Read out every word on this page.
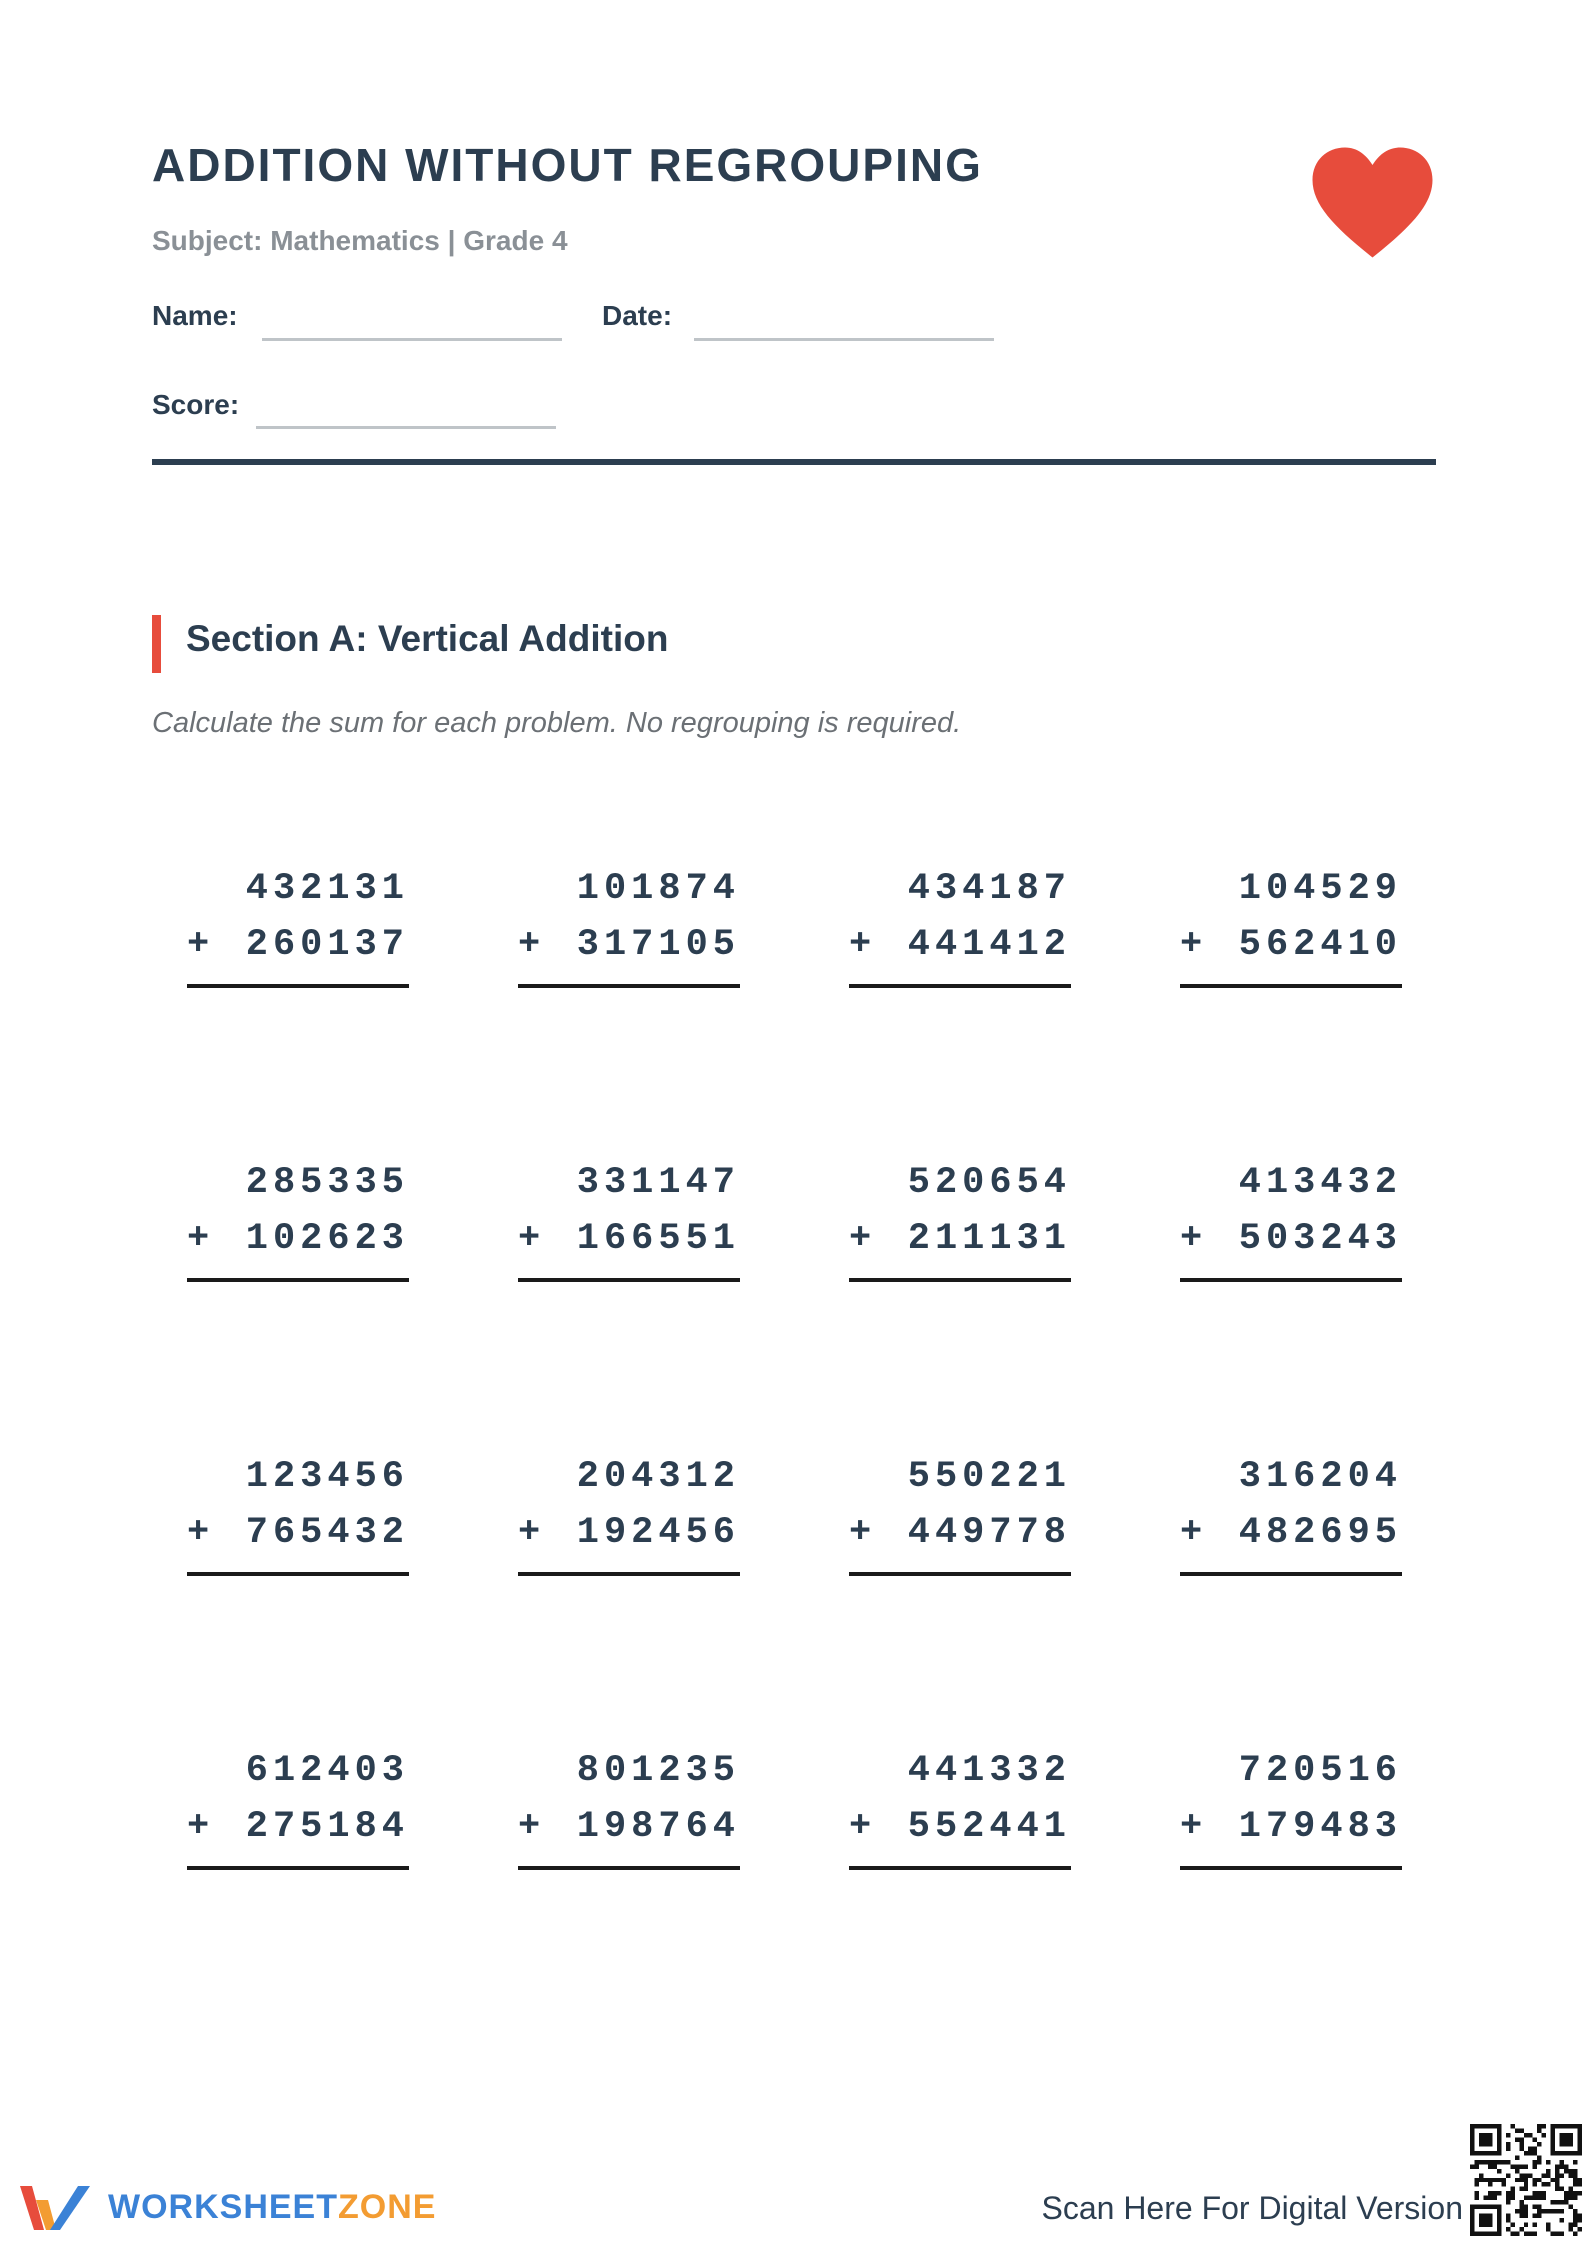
ADDITION WITHOUT REGROUPING
Subject: Mathematics | Grade 4
Name:	Date:
Score:
Section A: Vertical Addition
Calculate the sum for each problem. No regrouping is required.
432131
+ 260137
101874
+ 317105
434187
+ 441412
104529
+ 562410
285335
+ 102623
331147
+ 166551
520654
+ 211131
413432
+ 503243
123456
+ 765432
204312
+ 192456
550221
+ 449778
316204
+ 482695
612403
+ 275184
801235
+ 198764
441332
+ 552441
720516
+ 179483
WORKSHEETZONE	Scan Here For Digital Version
